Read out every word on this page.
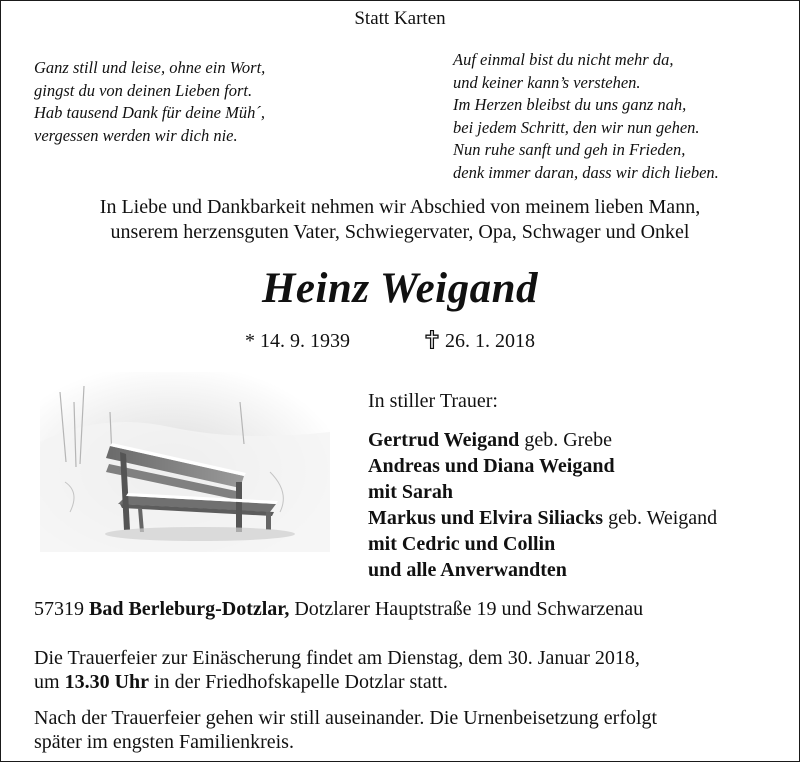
Statt Karten
Ganz still und leise, ohne ein Wort,
gingst du von deinen Lieben fort.
Hab tausend Dank für deine Müh´,
vergessen werden wir dich nie.
Auf einmal bist du nicht mehr da,
und keiner kann’s verstehen.
Im Herzen bleibst du uns ganz nah,
bei jedem Schritt, den wir nun gehen.
Nun ruhe sanft und geh in Frieden,
denk immer daran, dass wir dich lieben.
In Liebe und Dankbarkeit nehmen wir Abschied von meinem lieben Mann,
unserem herzensguten Vater, Schwiegervater, Opa, Schwager und Onkel
Heinz Weigand
* 14. 9. 1939	26. 1. 2018
In stiller Trauer:
Gertrud Weigand geb. Grebe
Andreas und Diana Weigand
mit Sarah
Markus und Elvira Siliacks geb. Weigand
mit Cedric und Collin
und alle Anverwandten
57319 Bad Berleburg-Dotzlar, Dotzlarer Hauptstraße 19 und Schwarzenau
Die Trauerfeier zur Einäscherung findet am Dienstag, dem 30. Januar 2018,
um 13.30 Uhr in der Friedhofskapelle Dotzlar statt.
Nach der Trauerfeier gehen wir still auseinander. Die Urnenbeisetzung erfolgt
später im engsten Familienkreis.
